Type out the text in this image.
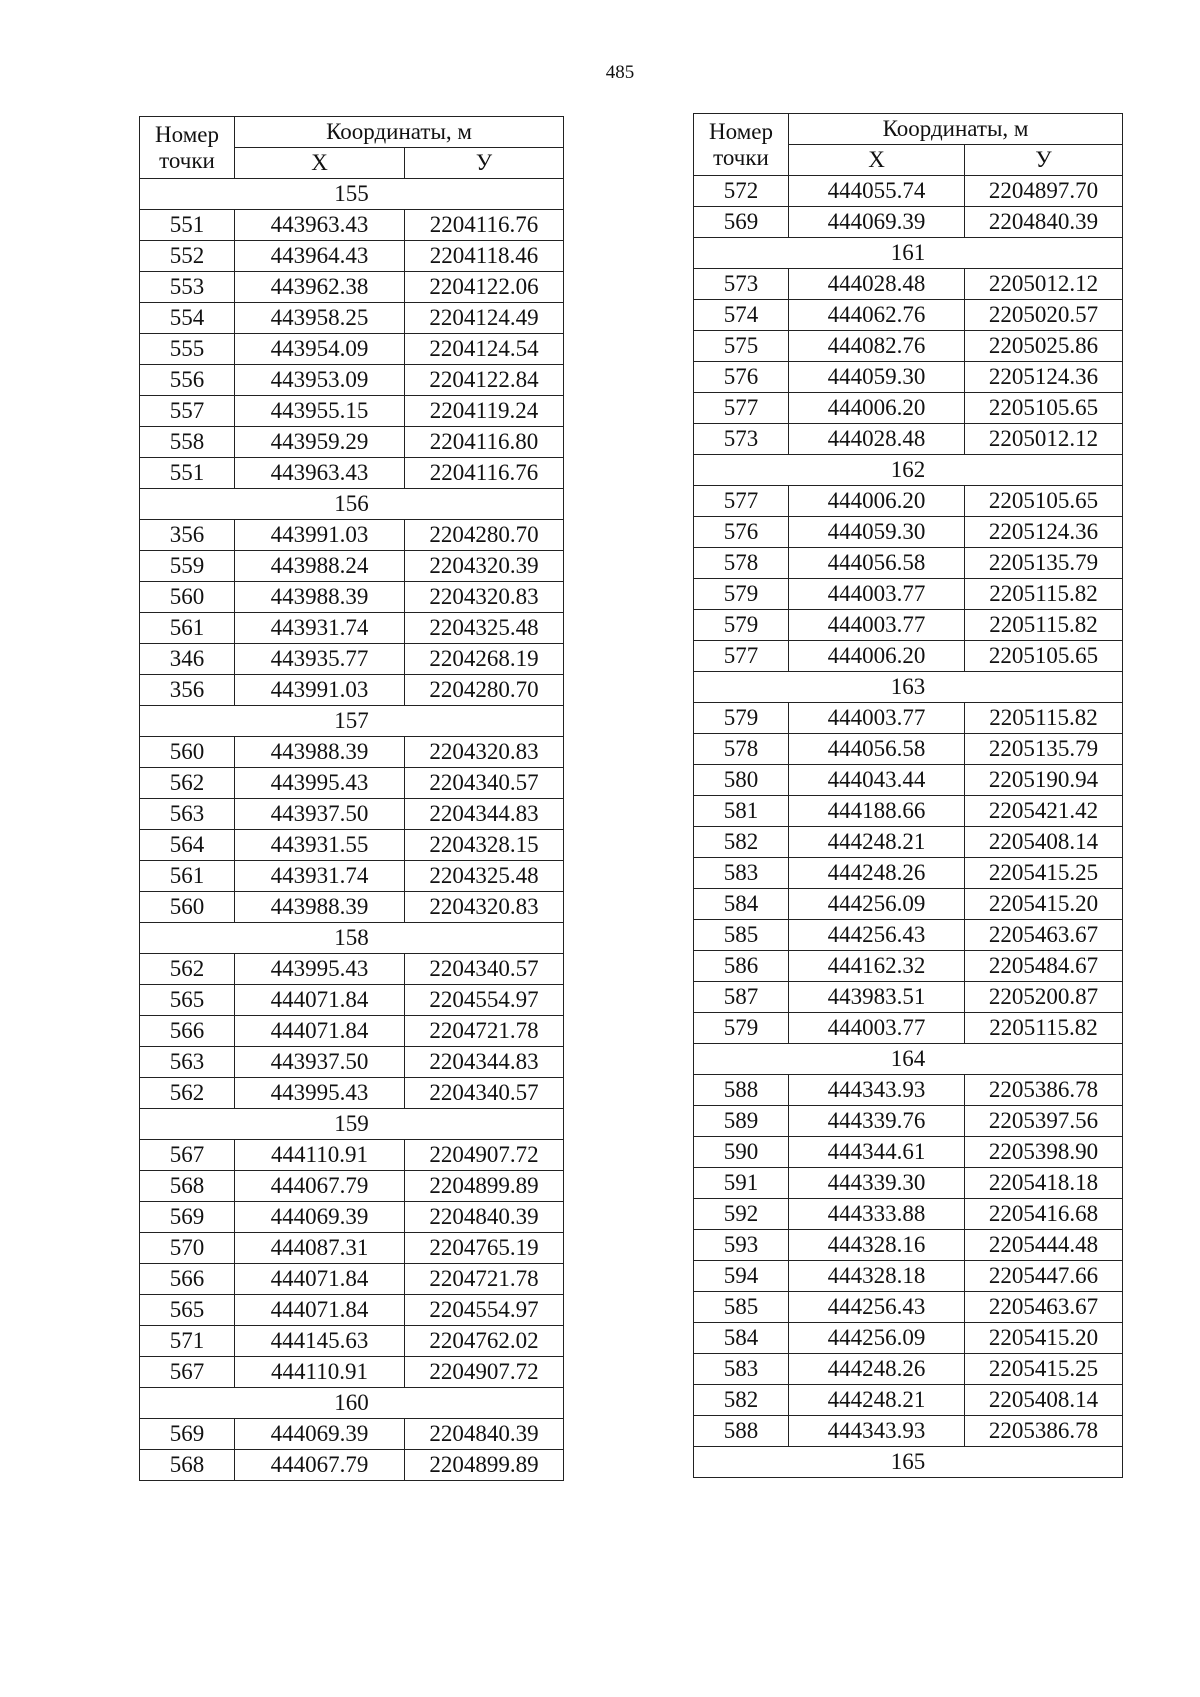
485
Номер
точки	Координаты, м	
	Х	У
155		
551	443963.43	2204116.76
552	443964.43	2204118.46
553	443962.38	2204122.06
554	443958.25	2204124.49
555	443954.09	2204124.54
556	443953.09	2204122.84
557	443955.15	2204119.24
558	443959.29	2204116.80
551	443963.43	2204116.76
156		
356	443991.03	2204280.70
559	443988.24	2204320.39
560	443988.39	2204320.83
561	443931.74	2204325.48
346	443935.77	2204268.19
356	443991.03	2204280.70
157		
560	443988.39	2204320.83
562	443995.43	2204340.57
563	443937.50	2204344.83
564	443931.55	2204328.15
561	443931.74	2204325.48
560	443988.39	2204320.83
158		
562	443995.43	2204340.57
565	444071.84	2204554.97
566	444071.84	2204721.78
563	443937.50	2204344.83
562	443995.43	2204340.57
159		
567	444110.91	2204907.72
568	444067.79	2204899.89
569	444069.39	2204840.39
570	444087.31	2204765.19
566	444071.84	2204721.78
565	444071.84	2204554.97
571	444145.63	2204762.02
567	444110.91	2204907.72
160		
569	444069.39	2204840.39
568	444067.79	2204899.89
Номер
точки	Координаты, м	
	Х	У
572	444055.74	2204897.70
569	444069.39	2204840.39
161		
573	444028.48	2205012.12
574	444062.76	2205020.57
575	444082.76	2205025.86
576	444059.30	2205124.36
577	444006.20	2205105.65
573	444028.48	2205012.12
162		
577	444006.20	2205105.65
576	444059.30	2205124.36
578	444056.58	2205135.79
579	444003.77	2205115.82
579	444003.77	2205115.82
577	444006.20	2205105.65
163		
579	444003.77	2205115.82
578	444056.58	2205135.79
580	444043.44	2205190.94
581	444188.66	2205421.42
582	444248.21	2205408.14
583	444248.26	2205415.25
584	444256.09	2205415.20
585	444256.43	2205463.67
586	444162.32	2205484.67
587	443983.51	2205200.87
579	444003.77	2205115.82
164		
588	444343.93	2205386.78
589	444339.76	2205397.56
590	444344.61	2205398.90
591	444339.30	2205418.18
592	444333.88	2205416.68
593	444328.16	2205444.48
594	444328.18	2205447.66
585	444256.43	2205463.67
584	444256.09	2205415.20
583	444248.26	2205415.25
582	444248.21	2205408.14
588	444343.93	2205386.78
165		
